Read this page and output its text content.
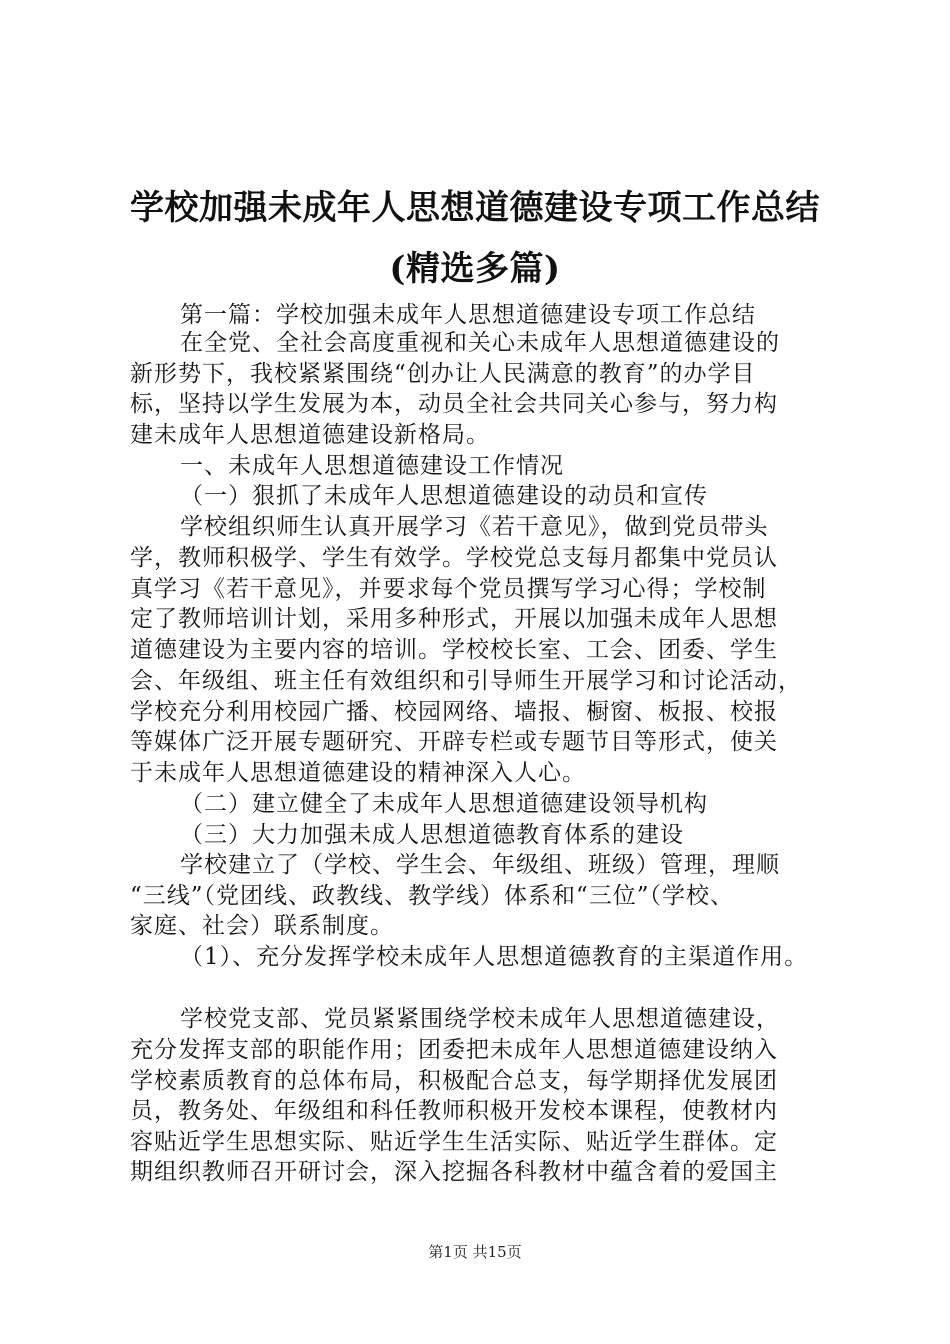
学校加强未成年人思想道德建设专项工作总结
(精选多篇)
第一篇：学校加强未成年人思想道德建设专项工作总结
在全党、全社会高度重视和关心未成年人思想道德建设的
新形势下，我校紧紧围绕“创办让人民满意的教育”的办学目
标，坚持以学生发展为本，动员全社会共同关心参与，努力构
建未成年人思想道德建设新格局。
一、未成年人思想道德建设工作情况
（一）狠抓了未成年人思想道德建设的动员和宣传
学校组织师生认真开展学习《若干意见》，做到党员带头
学，教师积极学、学生有效学。学校党总支每月都集中党员认
真学习《若干意见》，并要求每个党员撰写学习心得；学校制
定了教师培训计划，采用多种形式，开展以加强未成年人思想
道德建设为主要内容的培训。学校校长室、工会、团委、学生
会、年级组、班主任有效组织和引导师生开展学习和讨论活动，
学校充分利用校园广播、校园网络、墙报、橱窗、板报、校报
等媒体广泛开展专题研究、开辟专栏或专题节目等形式，使关
于未成年人思想道德建设的精神深入人心。
（二）建立健全了未成年人思想道德建设领导机构
（三）大力加强未成人思想道德教育体系的建设
学校建立了（学校、学生会、年级组、班级）管理，理顺
“三线”（党团线、政教线、教学线）体系和“三位”（学校、
家庭、社会）联系制度。
（1）、充分发挥学校未成年人思想道德教育的主渠道作用。
学校党支部、党员紧紧围绕学校未成年人思想道德建设，
充分发挥支部的职能作用；团委把未成年人思想道德建设纳入
学校素质教育的总体布局，积极配合总支，每学期择优发展团
员，教务处、年级组和科任教师积极开发校本课程，使教材内
容贴近学生思想实际、贴近学生生活实际、贴近学生群体。定
期组织教师召开研讨会，深入挖掘各科教材中蕴含着的爱国主
第1页 共15页
